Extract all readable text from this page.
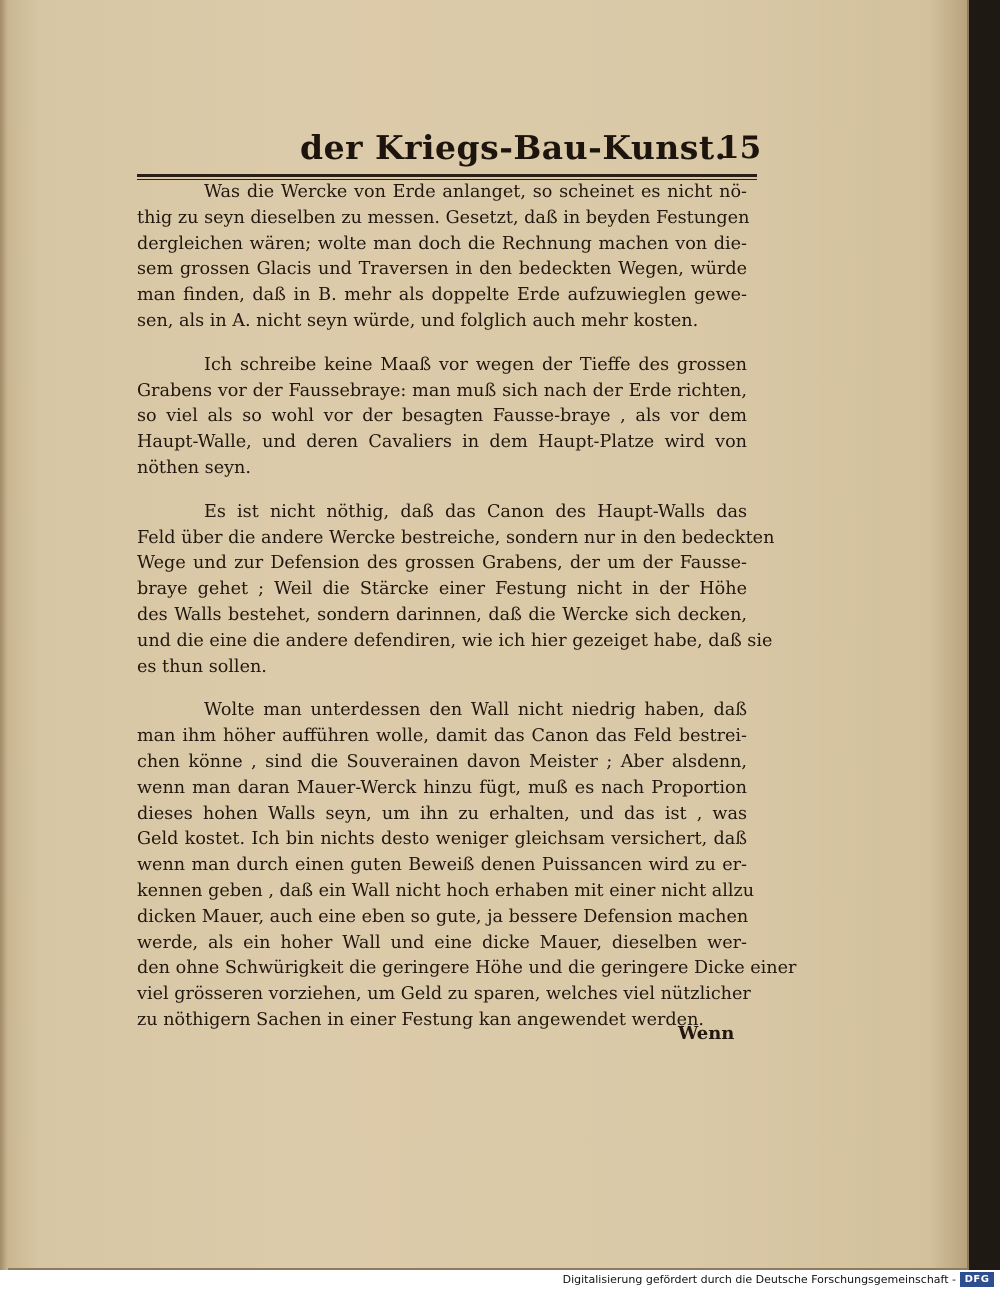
der Kriegs-Bau-Kunst.
15
Was die Wercke von Erde anlanget, so scheinet es nicht nö-
thig zu seyn dieselben zu messen. Gesetzt, daß in beyden Festungen
dergleichen wären; wolte man doch die Rechnung machen von die-
sem grossen Glacis und Traversen in den bedeckten Wegen, würde
man finden, daß in B. mehr als doppelte Erde aufzuwieglen gewe-
sen, als in A. nicht seyn würde, und folglich auch mehr kosten.
Ich schreibe keine Maaß vor wegen der Tieffe des grossen
Grabens vor der Faussebraye: man muß sich nach der Erde richten,
so viel als so wohl vor der besagten Fausse-braye , als vor dem
Haupt-Walle, und deren Cavaliers in dem Haupt-Platze wird von
nöthen seyn.
Es ist nicht nöthig, daß das Canon des Haupt-Walls das
Feld über die andere Wercke bestreiche, sondern nur in den bedeckten
Wege und zur Defension des grossen Grabens, der um der Fausse-
braye gehet ; Weil die Stärcke einer Festung nicht in der Höhe
des Walls bestehet, sondern darinnen, daß die Wercke sich decken,
und die eine die andere defendiren, wie ich hier gezeiget habe, daß sie
es thun sollen.
Wolte man unterdessen den Wall nicht niedrig haben, daß
man ihm höher aufführen wolle, damit das Canon das Feld bestrei-
chen könne , sind die Souverainen davon Meister ; Aber alsdenn,
wenn man daran Mauer-Werck hinzu fügt, muß es nach Proportion
dieses hohen Walls seyn, um ihn zu erhalten, und das ist , was
Geld kostet. Ich bin nichts desto weniger gleichsam versichert, daß
wenn man durch einen guten Beweiß denen Puissancen wird zu er-
kennen geben , daß ein Wall nicht hoch erhaben mit einer nicht allzu
dicken Mauer, auch eine eben so gute, ja bessere Defension machen
werde, als ein hoher Wall und eine dicke Mauer, dieselben wer-
den ohne Schwürigkeit die geringere Höhe und die geringere Dicke einer
viel grösseren vorziehen, um Geld zu sparen, welches viel nützlicher
zu nöthigern Sachen in einer Festung kan angewendet werden.
Wenn
Digitalisierung gefördert durch die Deutsche Forschungsgemeinschaft - DFG
